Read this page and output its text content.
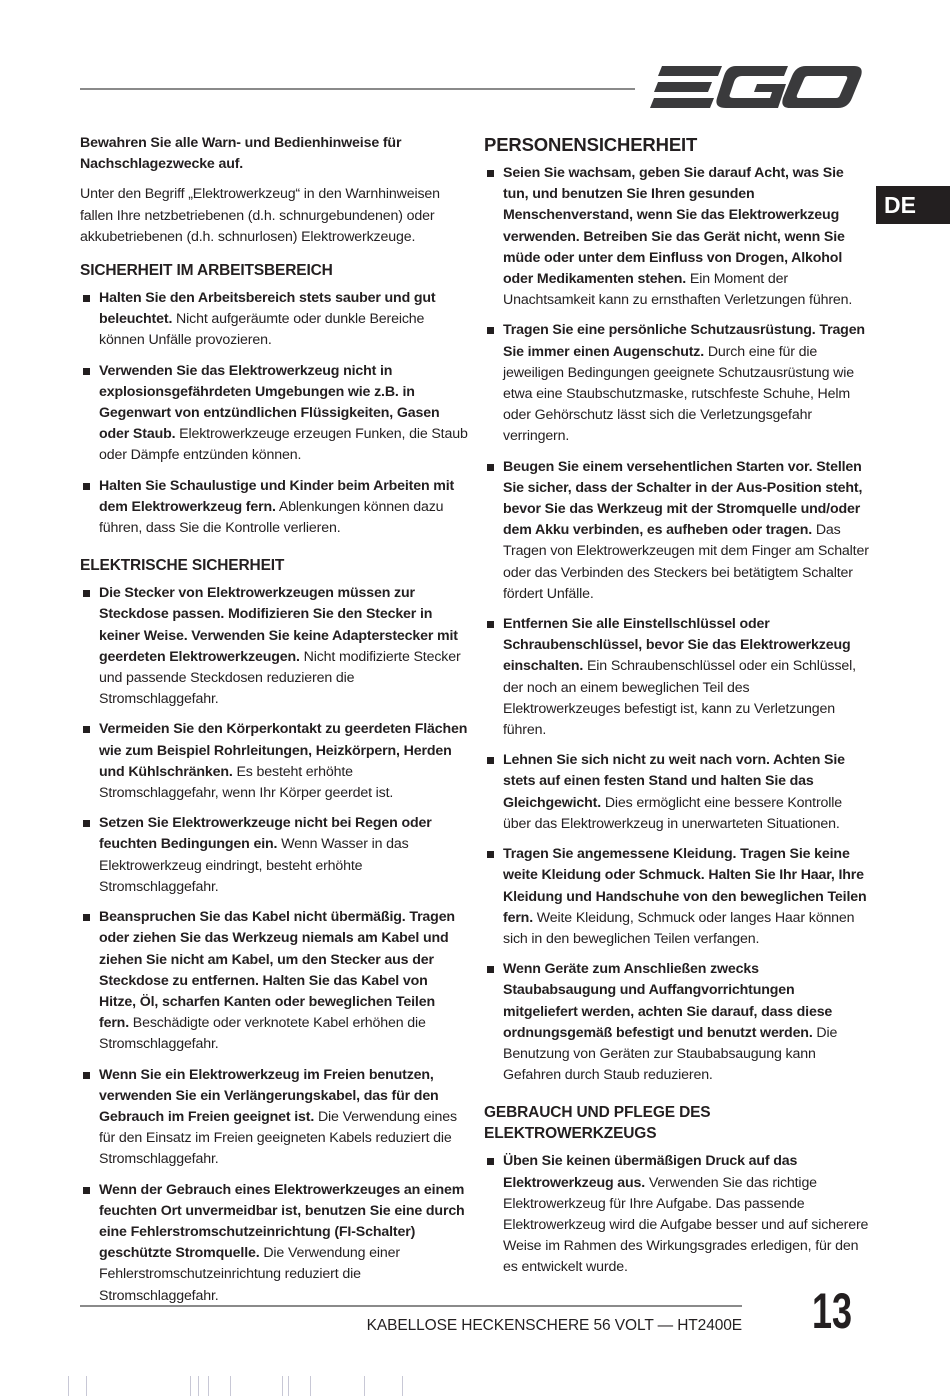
DE

Bewahren Sie alle Warn- und Bedienhinweise für Nachschlagezwecke auf.

Unter den Begriff „Elektrowerkzeug“ in den Warnhinweisen fallen Ihre netzbetriebenen (d.h. schnurgebundenen) oder akkubetriebenen (d.h. schnurlosen) Elektrowerkzeuge.

SICHERHEIT IM ARBEITSBEREICH
Halten Sie den Arbeitsbereich stets sauber und gut beleuchtet. Nicht aufgeräumte oder dunkle Bereiche können Unfälle provozieren.
Verwenden Sie das Elektrowerkzeug nicht in explosionsgefährdeten Umgebungen wie z.B. in Gegenwart von entzündlichen Flüssigkeiten, Gasen oder Staub. Elektrowerkzeuge erzeugen Funken, die Staub oder Dämpfe entzünden können.
Halten Sie Schaulustige und Kinder beim Arbeiten mit dem Elektrowerkzeug fern. Ablenkungen können dazu führen, dass Sie die Kontrolle verlieren.
ELEKTRISCHE SICHERHEIT
Die Stecker von Elektrowerkzeugen müssen zur Steckdose passen. Modifizieren Sie den Stecker in keiner Weise. Verwenden Sie keine Adapterstecker mit geerdeten Elektrowerkzeugen. Nicht modifizierte Stecker und passende Steckdosen reduzieren die Stromschlaggefahr.
Vermeiden Sie den Körperkontakt zu geerdeten Flächen wie zum Beispiel Rohrleitungen, Heizkörpern, Herden und Kühlschränken. Es besteht erhöhte Stromschlaggefahr, wenn Ihr Körper geerdet ist.
Setzen Sie Elektrowerkzeuge nicht bei Regen oder feuchten Bedingungen ein. Wenn Wasser in das Elektrowerkzeug eindringt, besteht erhöhte Stromschlaggefahr.
Beanspruchen Sie das Kabel nicht übermäßig. Tragen oder ziehen Sie das Werkzeug niemals am Kabel und ziehen Sie nicht am Kabel, um den Stecker aus der Steckdose zu entfernen. Halten Sie das Kabel von Hitze, Öl, scharfen Kanten oder beweglichen Teilen fern. Beschädigte oder verknotete Kabel erhöhen die Stromschlaggefahr.
Wenn Sie ein Elektrowerkzeug im Freien benutzen, verwenden Sie ein Verlängerungskabel, das für den Gebrauch im Freien geeignet ist. Die Verwendung eines für den Einsatz im Freien geeigneten Kabels reduziert die Stromschlaggefahr.
Wenn der Gebrauch eines Elektrowerkzeuges an einem feuchten Ort unvermeidbar ist, benutzen Sie eine durch eine Fehlerstromschutzeinrichtung (FI-Schalter) geschützte Stromquelle. Die Verwendung einer Fehlerstromschutzeinrichtung reduziert die Stromschlaggefahr.
PERSONENSICHERHEIT
Seien Sie wachsam, geben Sie darauf Acht, was Sie tun, und benutzen Sie Ihren gesunden Menschenverstand, wenn Sie das Elektrowerkzeug verwenden. Betreiben Sie das Gerät nicht, wenn Sie müde oder unter dem Einfluss von Drogen, Alkohol oder Medikamenten stehen. Ein Moment der Unachtsamkeit kann zu ernsthaften Verletzungen führen.
Tragen Sie eine persönliche Schutzausrüstung. Tragen Sie immer einen Augenschutz. Durch eine für die jeweiligen Bedingungen geeignete Schutzausrüstung wie etwa eine Staubschutzmaske, rutschfeste Schuhe, Helm oder Gehörschutz lässt sich die Verletzungsgefahr verringern.
Beugen Sie einem versehentlichen Starten vor. Stellen Sie sicher, dass der Schalter in der Aus-Position steht, bevor Sie das Werkzeug mit der Stromquelle und/oder dem Akku verbinden, es aufheben oder tragen. Das Tragen von Elektrowerkzeugen mit dem Finger am Schalter oder das Verbinden des Steckers bei betätigtem Schalter fördert Unfälle.
Entfernen Sie alle Einstellschlüssel oder Schraubenschlüssel, bevor Sie das Elektrowerkzeug einschalten. Ein Schraubenschlüssel oder ein Schlüssel, der noch an einem beweglichen Teil des Elektrowerkzeuges befestigt ist, kann zu Verletzungen führen.
Lehnen Sie sich nicht zu weit nach vorn. Achten Sie stets auf einen festen Stand und halten Sie das Gleichgewicht. Dies ermöglicht eine bessere Kontrolle über das Elektrowerkzeug in unerwarteten Situationen.
Tragen Sie angemessene Kleidung. Tragen Sie keine weite Kleidung oder Schmuck. Halten Sie Ihr Haar, Ihre Kleidung und Handschuhe von den beweglichen Teilen fern. Weite Kleidung, Schmuck oder langes Haar können sich in den beweglichen Teilen verfangen.
Wenn Geräte zum Anschließen zwecks Staubabsaugung und Auffangvorrichtungen mitgeliefert werden, achten Sie darauf, dass diese ordnungsgemäß befestigt und benutzt werden. Die Benutzung von Geräten zur Staubabsaugung kann Gefahren durch Staub reduzieren.
GEBRAUCH UND PFLEGE DES ELEKTROWERKZEUGS
Üben Sie keinen übermäßigen Druck auf das Elektrowerkzeug aus. Verwenden Sie das richtige Elektrowerkzeug für Ihre Aufgabe. Das passende Elektrowerkzeug wird die Aufgabe besser und auf sicherere Weise im Rahmen des Wirkungsgrades erledigen, für den es entwickelt wurde.
KABELLOSE HECKENSCHERE 56 VOLT — HT2400E 13
